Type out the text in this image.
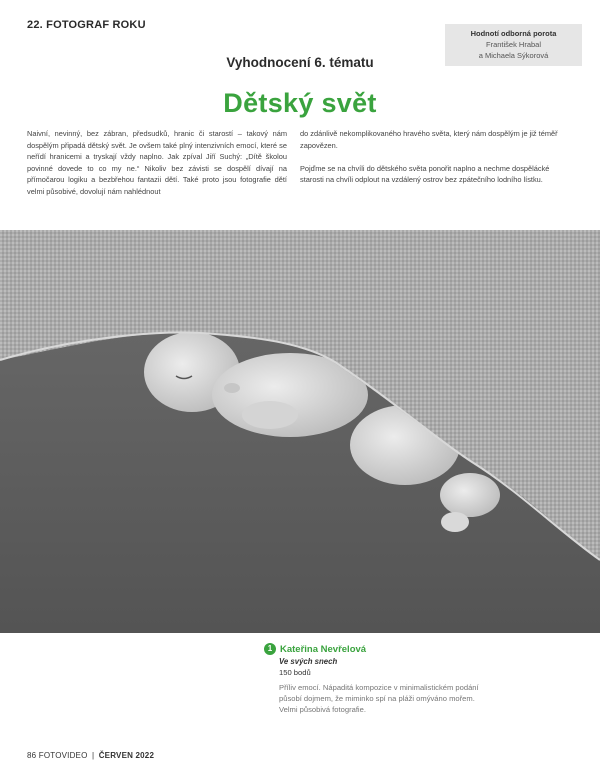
22. FOTOGRAF ROKU
Hodnotí odborná porota
František Hrabal
a Michaela Sýkorová
Vyhodnocení 6. tématu
Dětský svět

Naivní, nevinný, bez zábran, předsudků, hranic či starostí – takový nám dospělým připadá dětský svět. Je ovšem také plný intenzivních emocí, které se neřídí hranicemi a tryskají vždy naplno. Jak zpíval Jiří Suchý: „Dítě školou povinné dovede to co my ne.“ Nikoliv bez závisti se dospělí dívají na přímočarou logiku a bezbřehou fantazii dětí. Také proto jsou fotografie dětí velmi působivé, dovolují nám nahlédnout

do zdánlivě nekomplikovaného hravého světa, který nám dospělým je již téměř zapovězen.

Pojďme se na chvíli do dětského světa ponořit naplno a nechme dospělácké starosti na chvíli odplout na vzdálený ostrov bez zpátečního lodního lístku.

1 Kateřina Nevřelová
Ve svých snech
150 bodů
Příliv emocí. Nápaditá kompozice v minimalistickém podání působí dojmem, že miminko spí na pláži omýváno mořem. Velmi působivá fotografie.
86 FOTOVIDEO | ČERVEN 2022
